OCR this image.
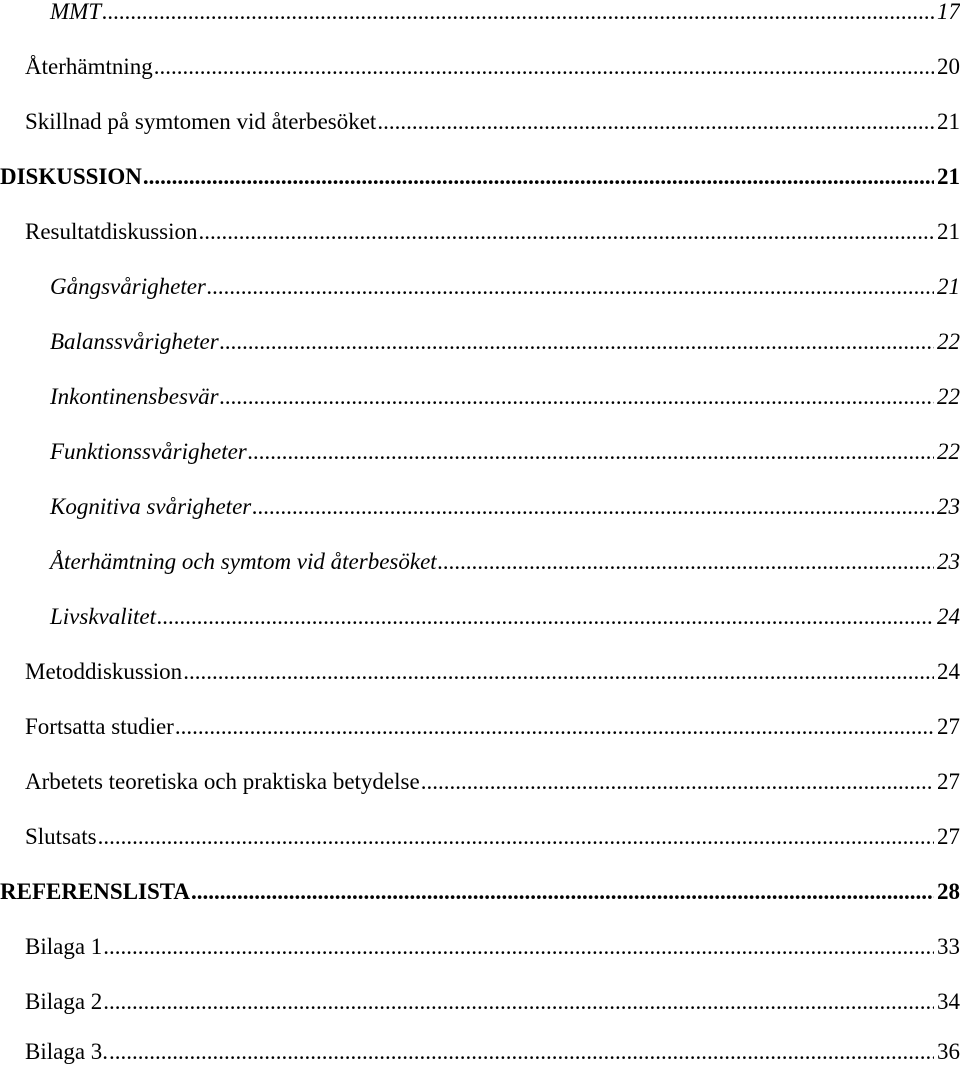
MMT .....	17
Återhämtning .....	20
Skillnad på symtomen vid återbesöket .....	21
DISKUSSION .....	21
Resultatdiskussion .....	21
Gångsvårigheter .....	21
Balanssvårigheter .....	22
Inkontinensbesvär .....	22
Funktionssvårigheter .....	22
Kognitiva svårigheter .....	23
Återhämtning och symtom vid återbesöket .....	23
Livskvalitet .....	24
Metoddiskussion .....	24
Fortsatta studier .....	27
Arbetets teoretiska och praktiska betydelse .....	27
Slutsats .....	27
REFERENSLISTA .....	28
Bilaga 1 .....	33
Bilaga 2 .....	34
Bilaga 3. .....	36
